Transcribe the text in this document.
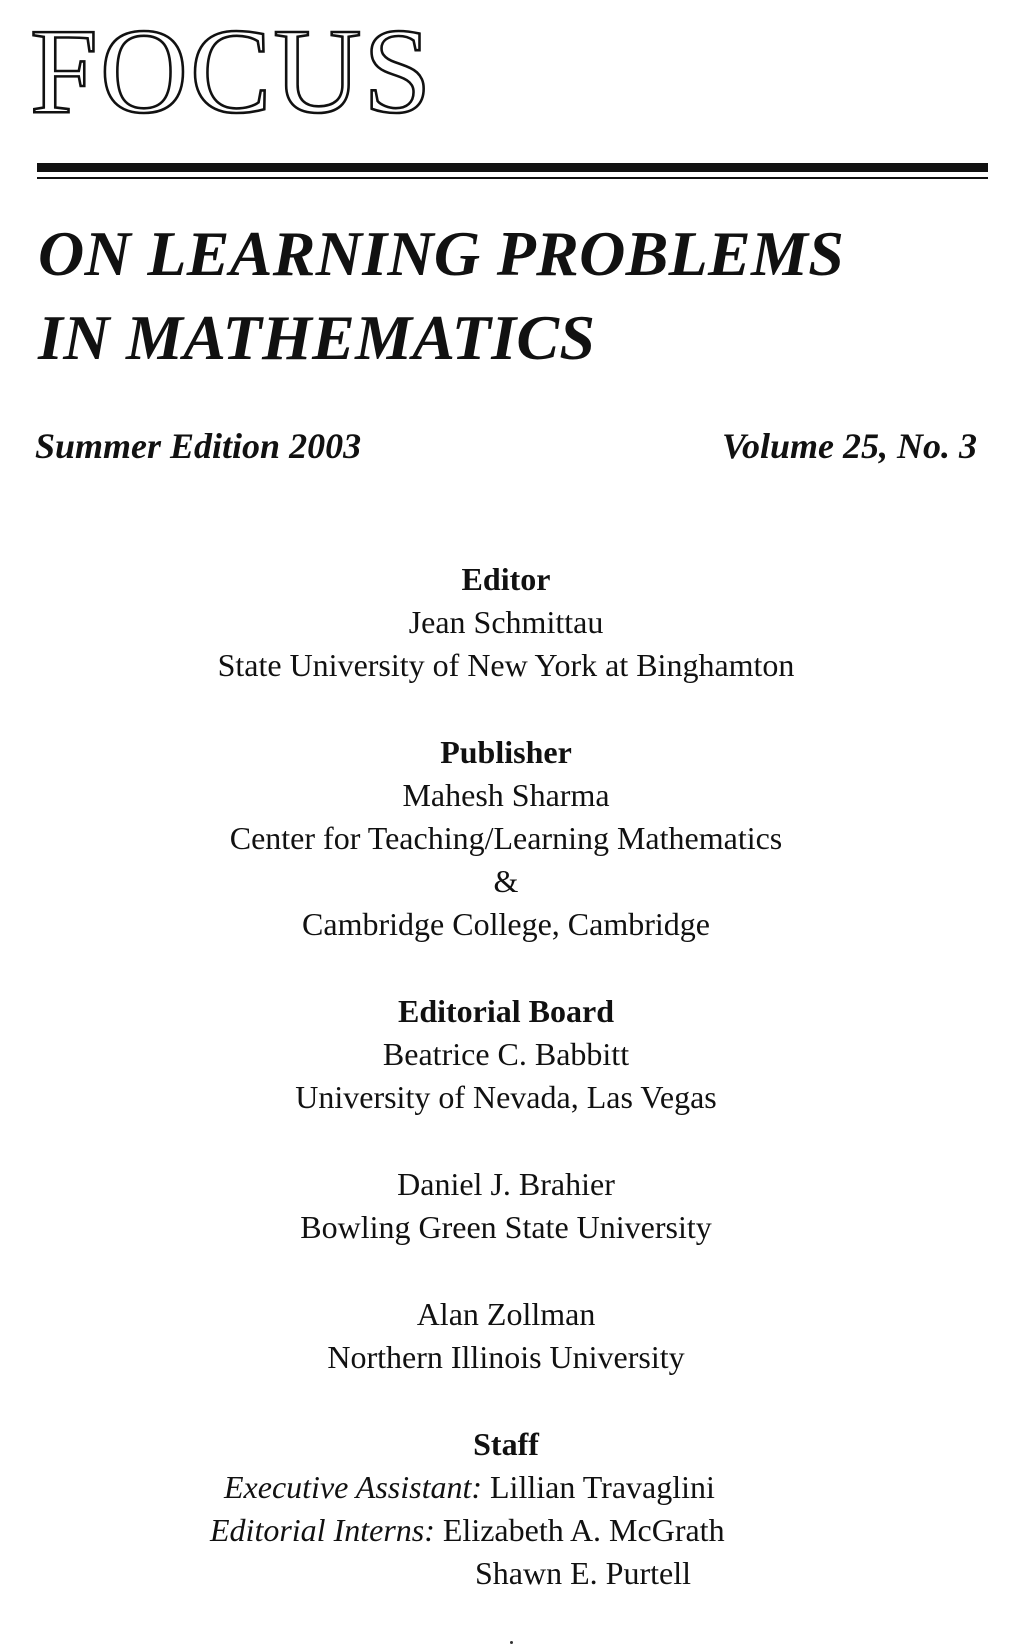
FOCUS
ON LEARNING PROBLEMS
IN MATHEMATICS
Summer Edition 2003	Volume 25, No. 3
Editor
Jean Schmittau
State University of New York at Binghamton
Publisher
Mahesh Sharma
Center for Teaching/Learning Mathematics
&
Cambridge College, Cambridge
Editorial Board
Beatrice C. Babbitt
University of Nevada, Las Vegas
Daniel J. Brahier
Bowling Green State University
Alan Zollman
Northern Illinois University
Staff
Executive Assistant: Lillian Travaglini
Editorial Interns: Elizabeth A. McGrath
Shawn E. Purtell
